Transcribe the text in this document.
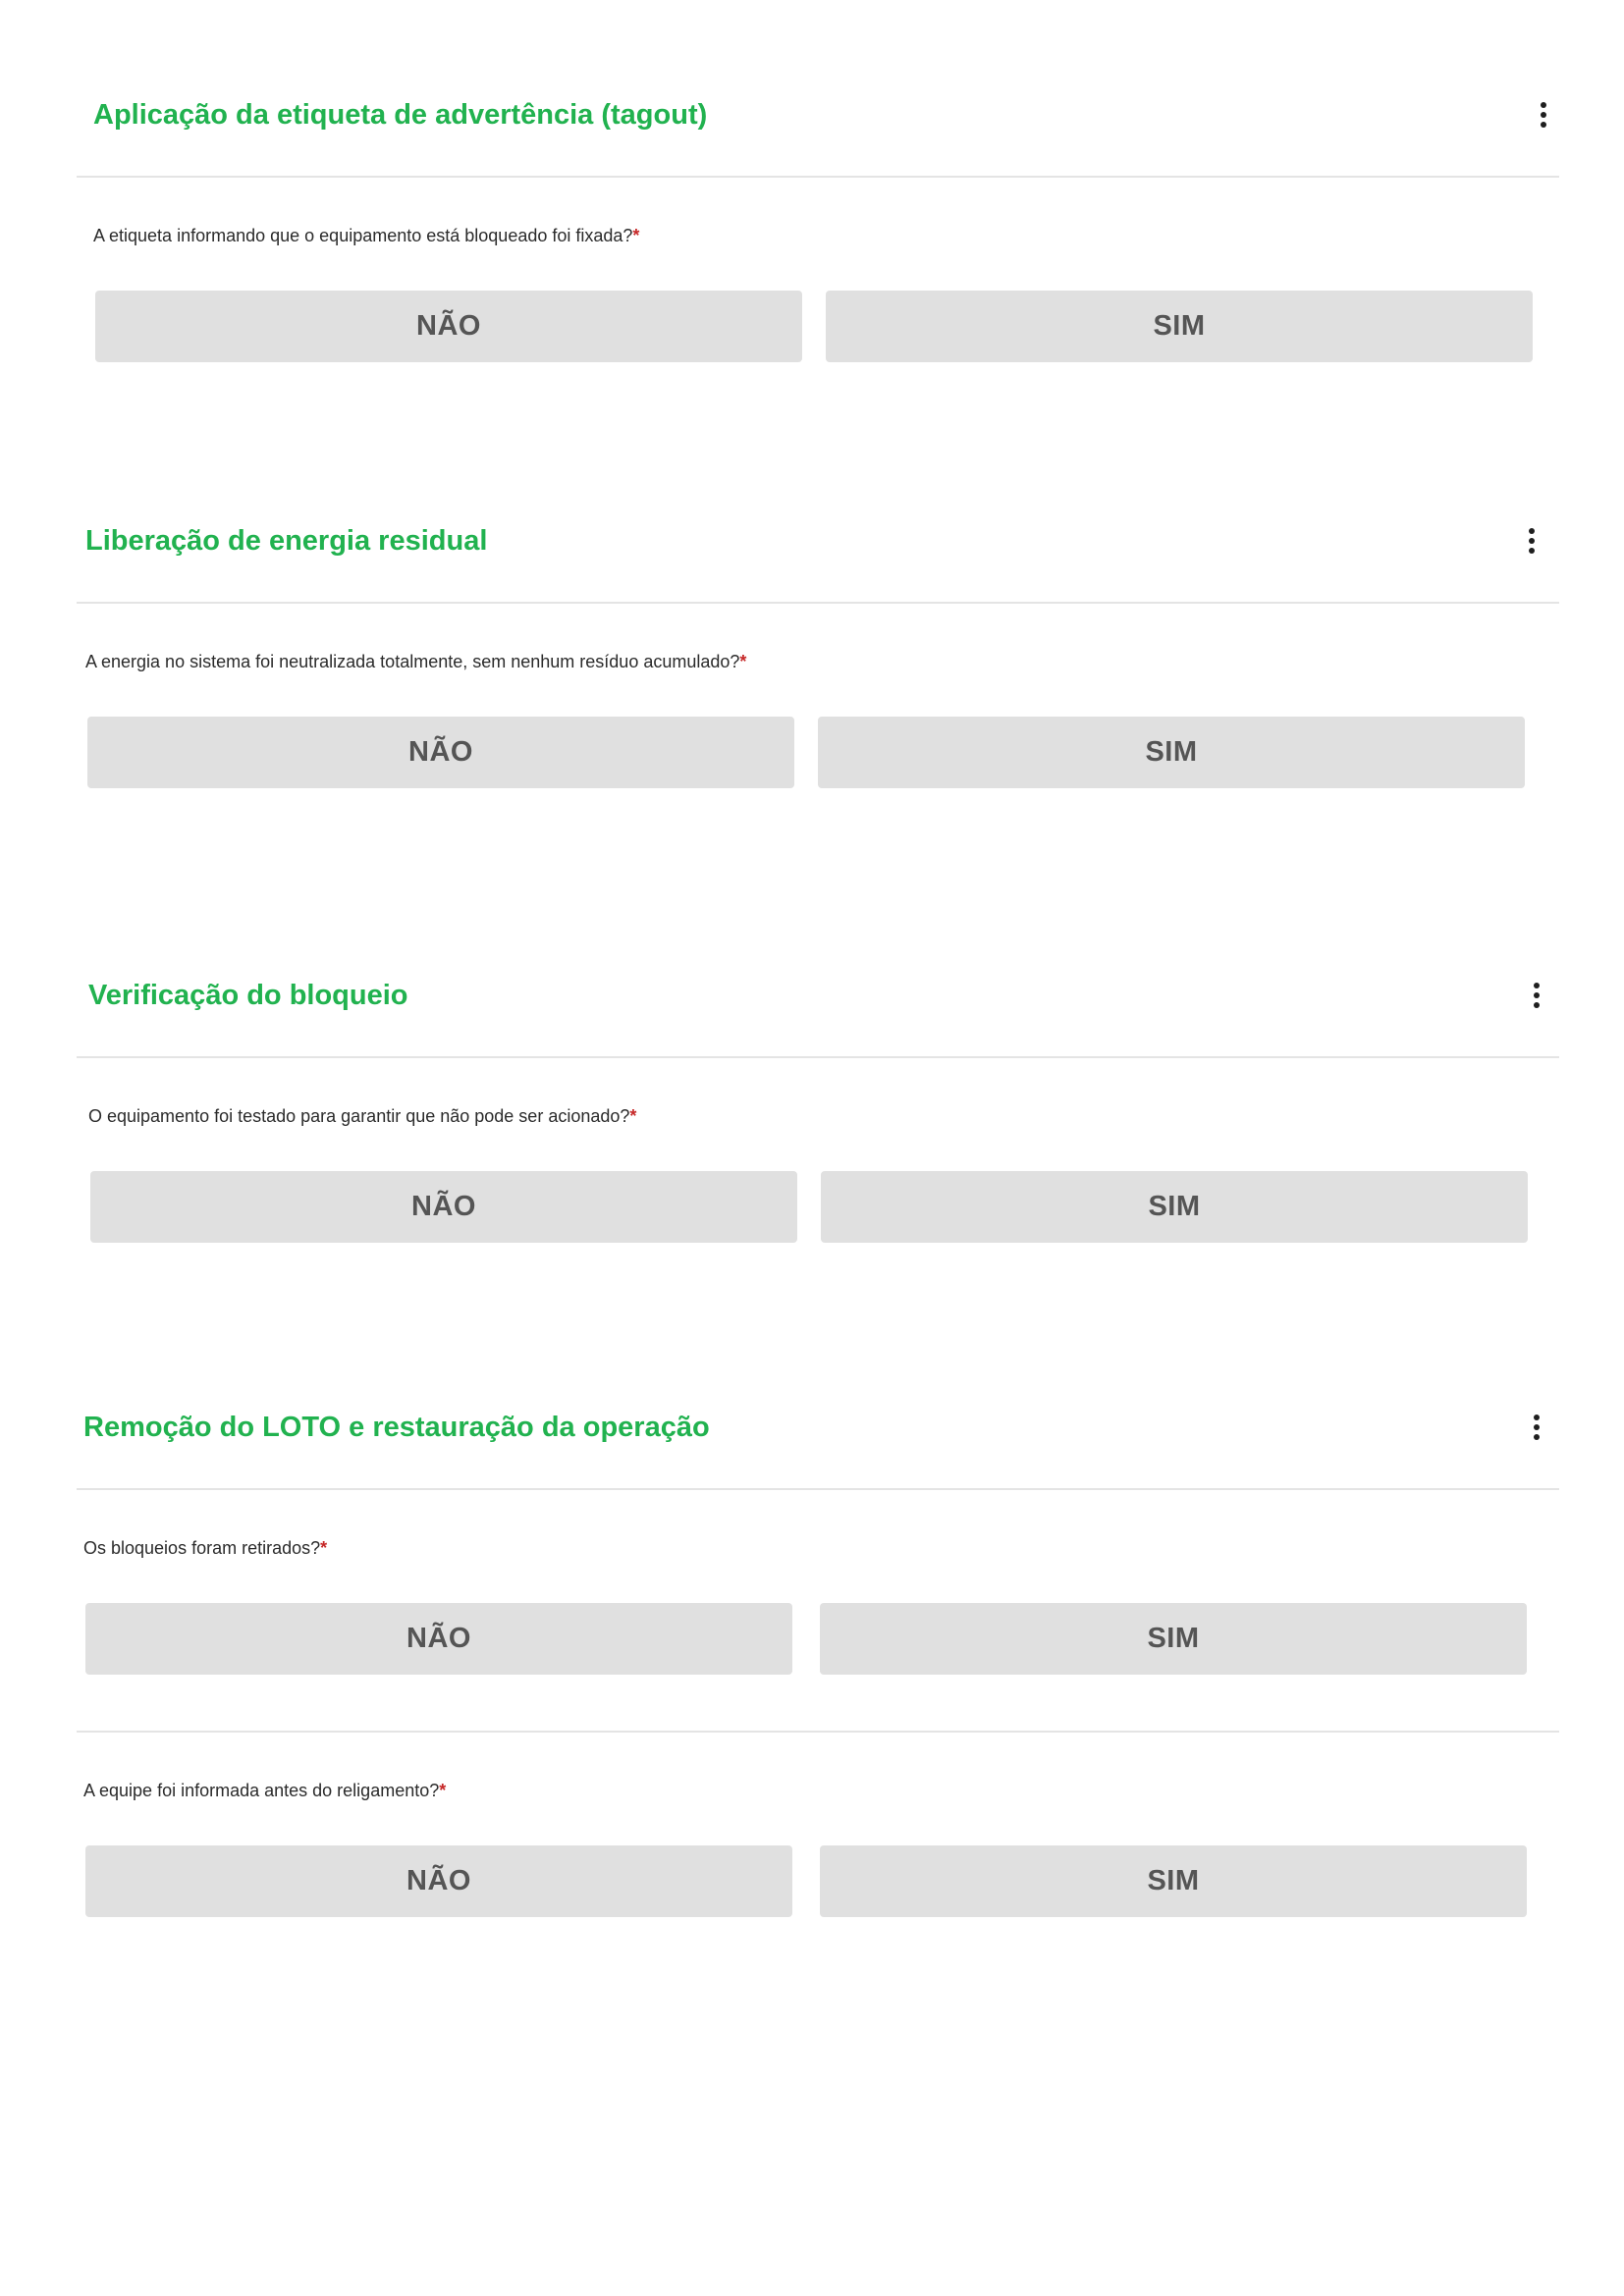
Aplicação da etiqueta de advertência (tagout)
A etiqueta informando que o equipamento está bloqueado foi fixada?*
NÃO	SIM
Liberação de energia residual
A energia no sistema foi neutralizada totalmente, sem nenhum resíduo acumulado?*
NÃO	SIM
Verificação do bloqueio
O equipamento foi testado para garantir que não pode ser acionado?*
NÃO	SIM
Remoção do LOTO e restauração da operação
Os bloqueios foram retirados?*
NÃO	SIM
A equipe foi informada antes do religamento?*
NÃO	SIM
